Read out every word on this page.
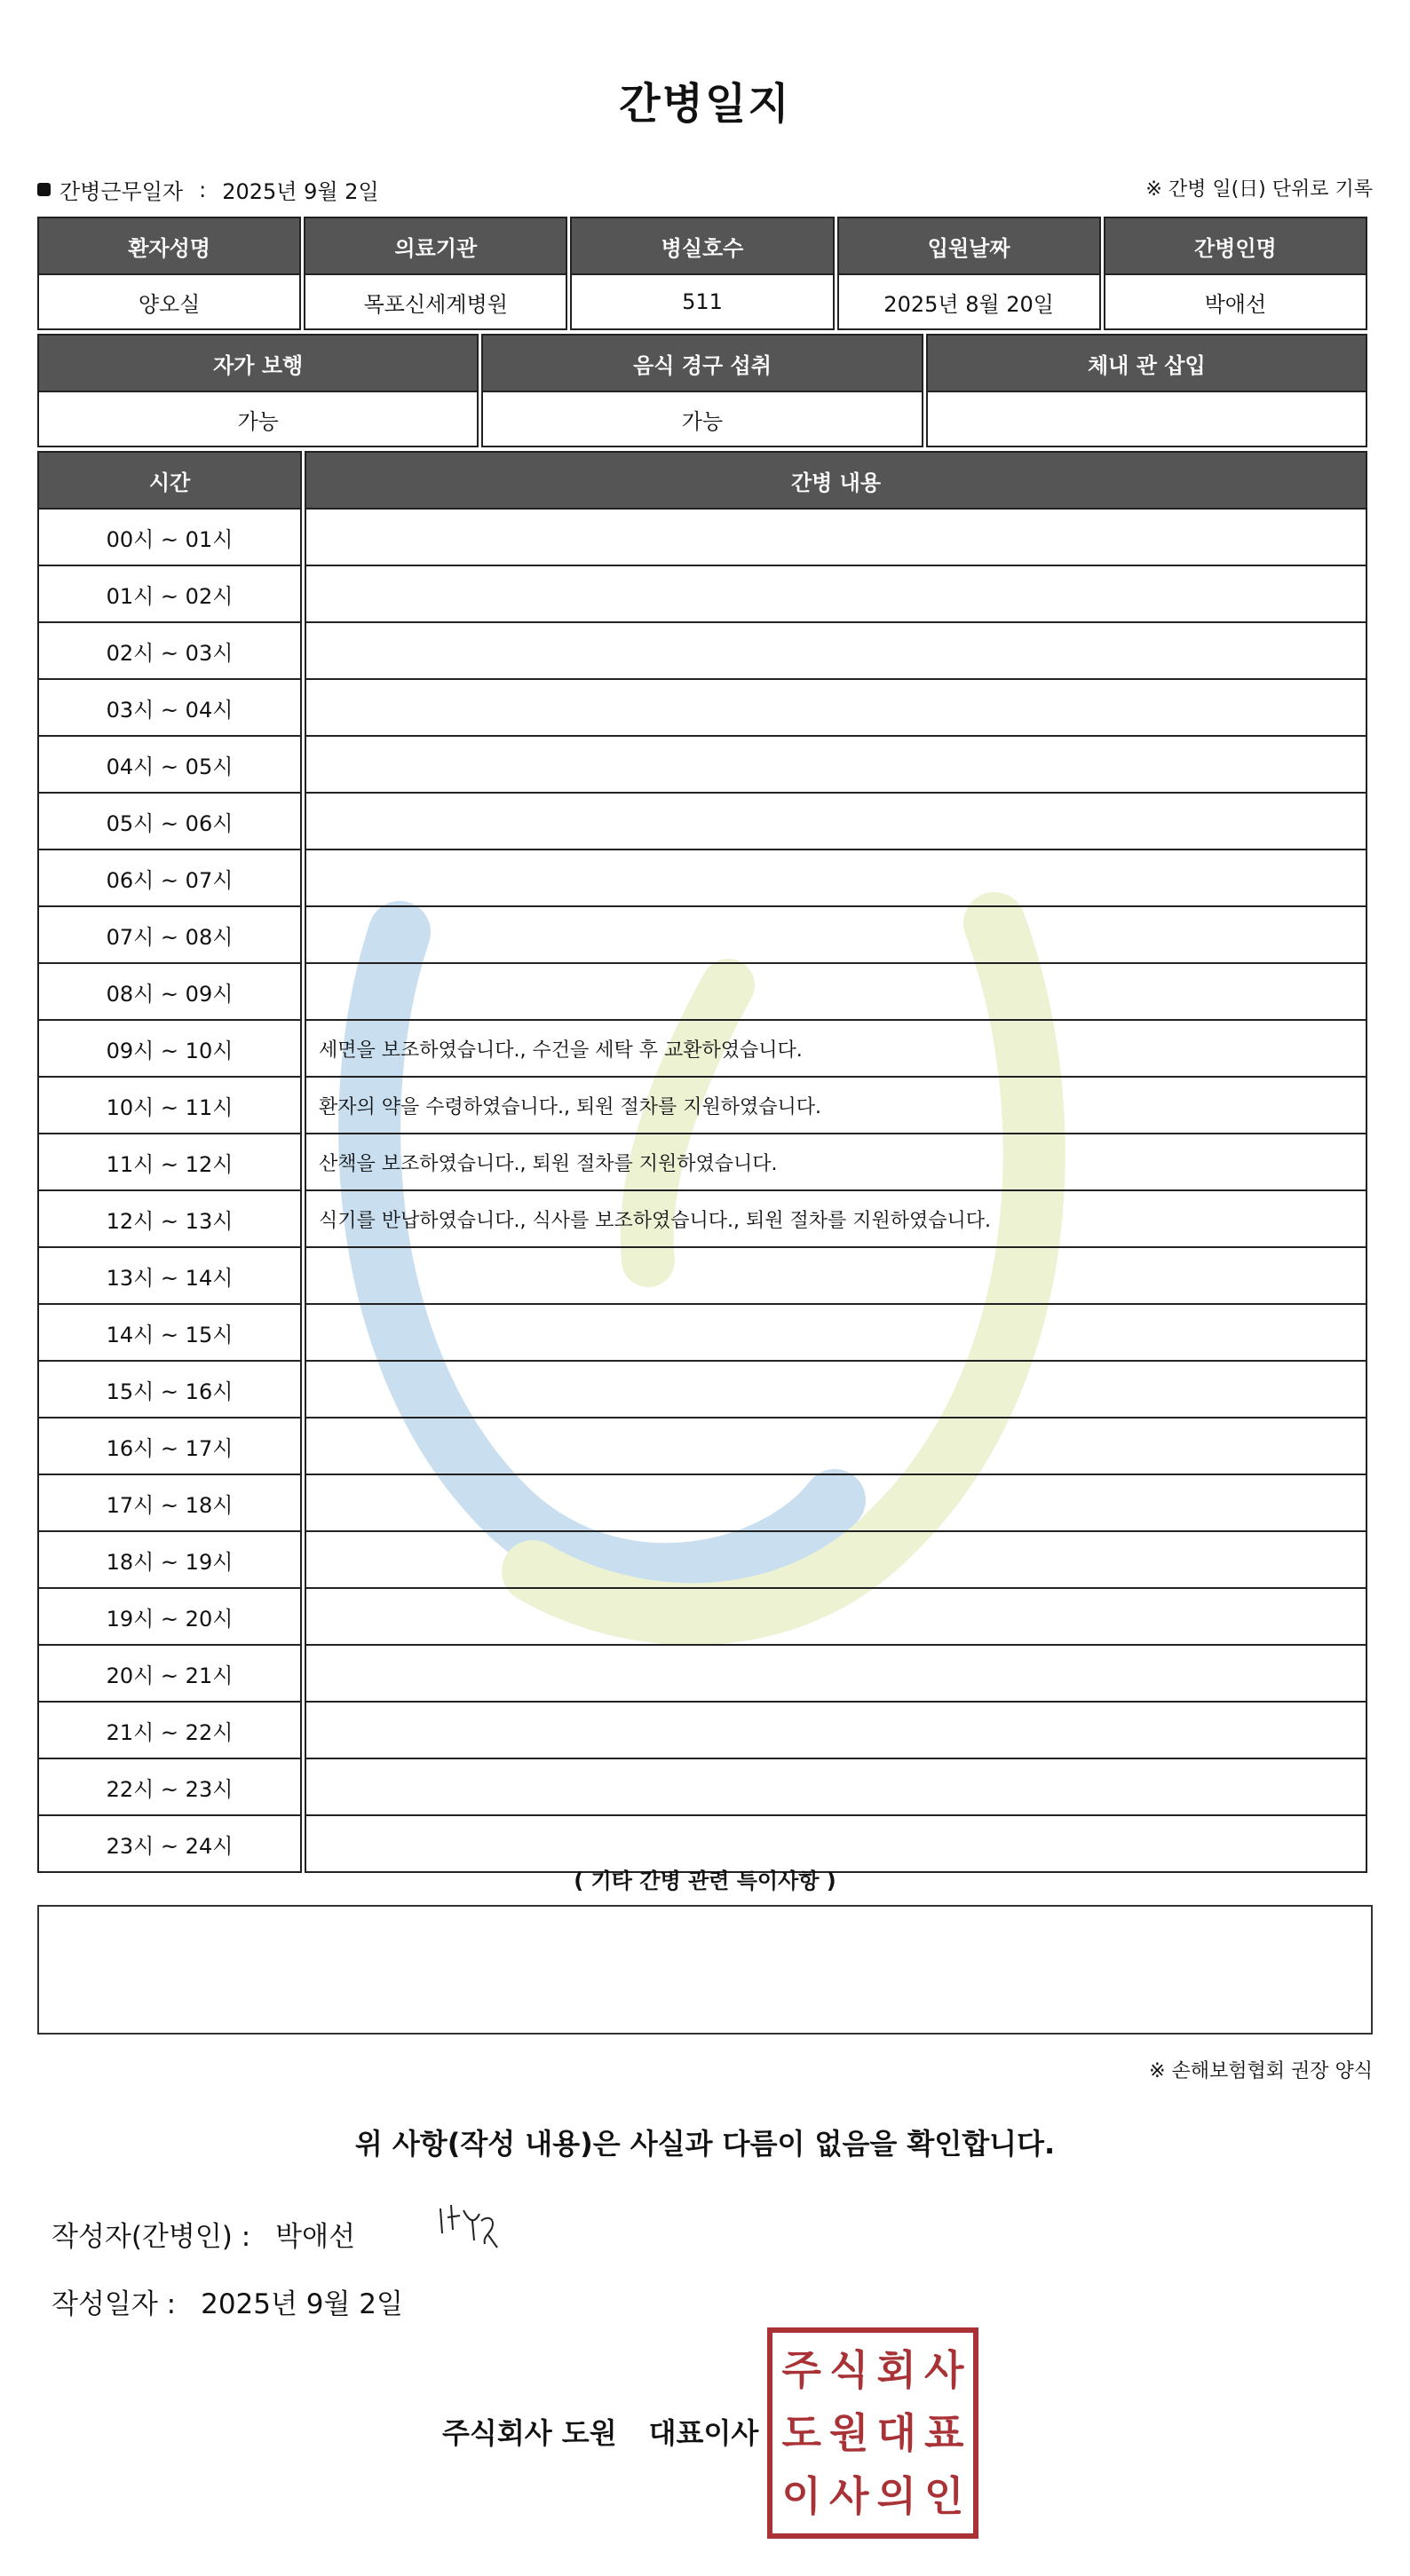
간병일지
간병근무일자 : 2025년 9월 2일	※ 간병 일(日) 단위로 기록
환자성명	의료기관	병실호수	입원날짜	간병인명
양오실	목포신세계병원	511	2025년 8월 20일	박애선
자가 보행	음식 경구 섭취	체내 관 삽입
가능	가능	
시간	간병 내용
00시 ~ 01시	
01시 ~ 02시	
02시 ~ 03시	
03시 ~ 04시	
04시 ~ 05시	
05시 ~ 06시	
06시 ~ 07시	
07시 ~ 08시	
08시 ~ 09시	
09시 ~ 10시	세면을 보조하였습니다., 수건을 세탁 후 교환하였습니다.
10시 ~ 11시	환자의 약을 수령하였습니다., 퇴원 절차를 지원하였습니다.
11시 ~ 12시	산책을 보조하였습니다., 퇴원 절차를 지원하였습니다.
12시 ~ 13시	식기를 반납하였습니다., 식사를 보조하였습니다., 퇴원 절차를 지원하였습니다.
13시 ~ 14시	
14시 ~ 15시	
15시 ~ 16시	
16시 ~ 17시	
17시 ~ 18시	
18시 ~ 19시	
19시 ~ 20시	
20시 ~ 21시	
21시 ~ 22시	
22시 ~ 23시	
23시 ~ 24시	
( 기타 간병 관련 특이사항 )
※ 손해보험협회 권장 양식
위 사항(작성 내용)은 사실과 다름이 없음을 확인합니다.
작성자(간병인) : 박애선
작성일자 : 2025년 9월 2일
주식회사 도원 대표이사
주 식 회 사
도 원 대 표
이 사 의 인
